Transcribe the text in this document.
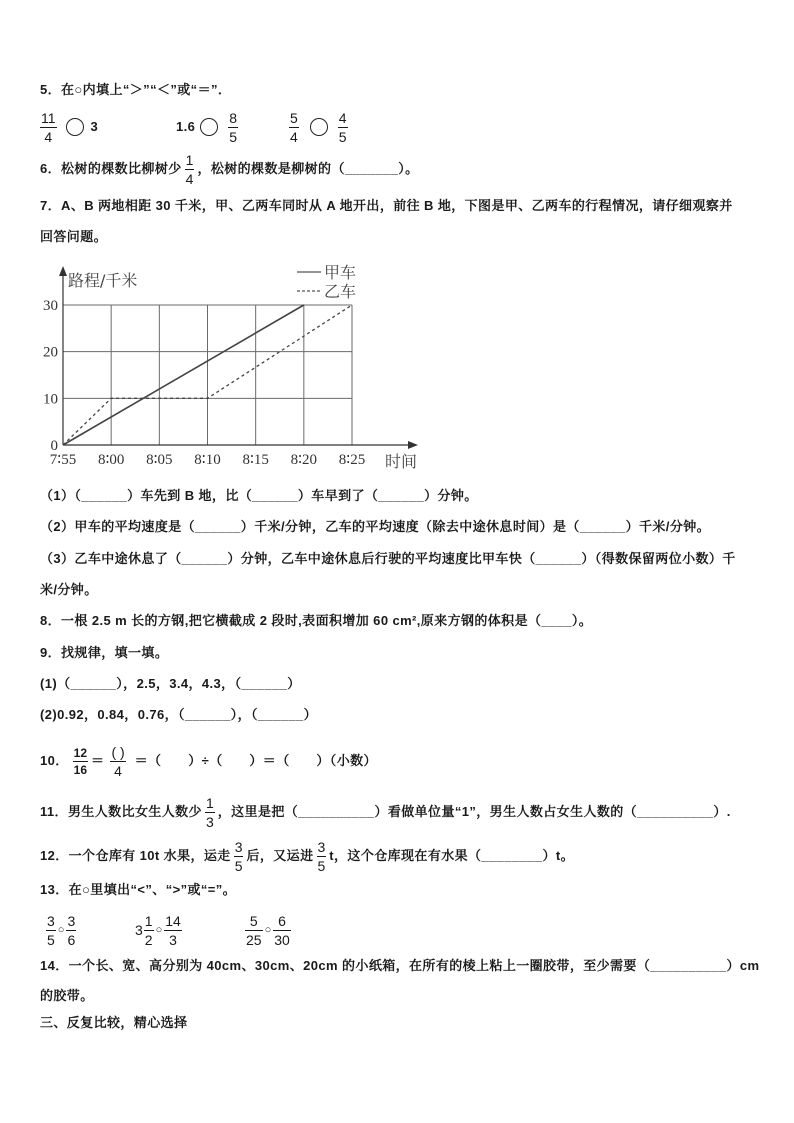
5．在○内填上“＞”“＜”或“＝”．
$\frac{11}{4}$	3	$1.6 \frac{8}{5}$	$\frac{5}{4}$	$\frac{4}{5}$
6．松树的棵数比柳树少 $\frac{1}{4}$ ，松树的棵数是柳树的（_______）。
7．A、B 两地相距 30 千米，甲、乙两车同时从 A 地开出，前往 B 地，下图是甲、乙两车的行程情况，请仔细观察并
回答问题。
甲车
乙车
7∶55 8∶00 8∶05 8∶10 8∶15 8∶20 8∶25
0
10
20
30
路程/千米
时间
（1）（______）车先到 B 地，比（______）车早到了（______）分钟。
（2）甲车的平均速度是（______）千米/分钟，乙车的平均速度（除去中途休息时间）是（______）千米/分钟。
（3）乙车中途休息了（______）分钟，乙车中途休息后行驶的平均速度比甲车快（______）（得数保留两位小数）千
米/分钟。
8．一根 2.5 m 长的方钢,把它横截成 2 段时,表面积增加 60 cm²,原来方钢的体积是（____）。
9．找规律，填一填。
(1)（______），2.5，3.4，4.3，（______）
(2)0.92，0.84，0.76，（______），（______）
10． $\frac{12}{16} = \frac{( )}{4}$ ＝（　　）÷（　　）＝（　　）（小数）
11．男生人数比女生人数少 $\frac{1}{3}$ ，这里是把（__________）看做单位量“1”，男生人数占女生人数的（__________）.
12．一个仓库有 10t 水果，运走 $\frac{3}{5}$ 后，又运进 $\frac{3}{5}$ t，这个仓库现在有水果（________）t。
13．在○里填出“<”、“>”或“=”。
$\frac{3}{5}$ ○ $\frac{3}{6}$	$3 \frac{1}{2}$ ○ $\frac{14}{3}$	$\frac{5}{25}$ ○ $\frac{6}{30}$
14．一个长、宽、高分别为 40cm、30cm、20cm 的小纸箱，在所有的棱上粘上一圈胶带，至少需要（__________）cm
的胶带。
三、反复比较，精心选择
